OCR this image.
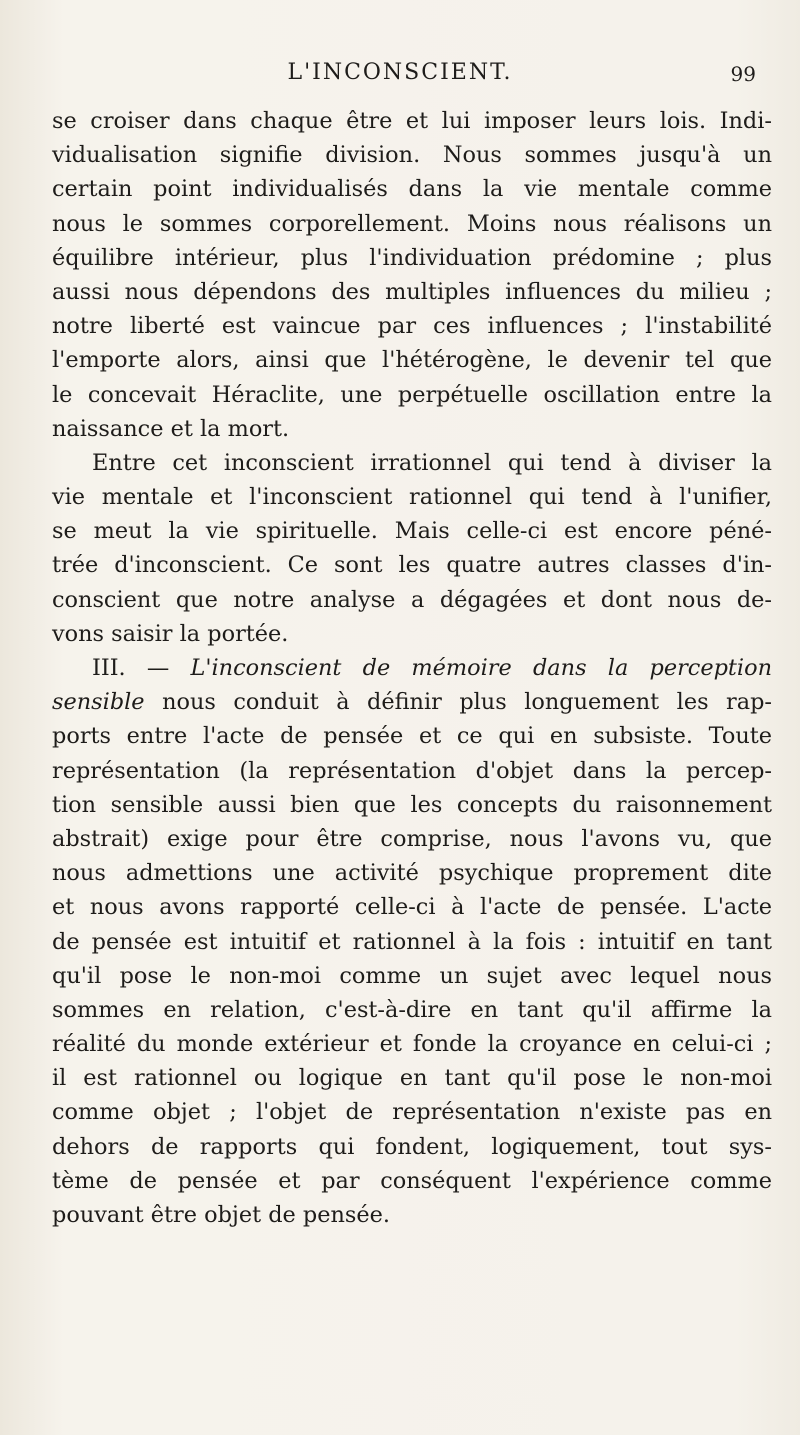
L'INCONSCIENT.	99

se croiser dans chaque être et lui imposer leurs lois. Indi-
vidualisation signifie division. Nous sommes jusqu'à un
certain point individualisés dans la vie mentale comme
nous le sommes corporellement. Moins nous réalisons un
équilibre intérieur, plus l'individuation prédomine ; plus
aussi nous dépendons des multiples influences du milieu ;
notre liberté est vaincue par ces influences ; l'instabilité
l'emporte alors, ainsi que l'hétérogène, le devenir tel que
le concevait Héraclite, une perpétuelle oscillation entre la
naissance et la mort.

Entre cet inconscient irrationnel qui tend à diviser la
vie mentale et l'inconscient rationnel qui tend à l'unifier,
se meut la vie spirituelle. Mais celle-ci est encore péné-
trée d'inconscient. Ce sont les quatre autres classes d'in-
conscient que notre analyse a dégagées et dont nous de-
vons saisir la portée.

III. — L'inconscient de mémoire dans la perception
sensible nous conduit à définir plus longuement les rap-
ports entre l'acte de pensée et ce qui en subsiste. Toute
représentation (la représentation d'objet dans la percep-
tion sensible aussi bien que les concepts du raisonnement
abstrait) exige pour être comprise, nous l'avons vu, que
nous admettions une activité psychique proprement dite
et nous avons rapporté celle-ci à l'acte de pensée. L'acte
de pensée est intuitif et rationnel à la fois : intuitif en tant
qu'il pose le non-moi comme un sujet avec lequel nous
sommes en relation, c'est-à-dire en tant qu'il affirme la
réalité du monde extérieur et fonde la croyance en celui-ci ;
il est rationnel ou logique en tant qu'il pose le non-moi
comme objet ; l'objet de représentation n'existe pas en
dehors de rapports qui fondent, logiquement, tout sys-
tème de pensée et par conséquent l'expérience comme
pouvant être objet de pensée.
